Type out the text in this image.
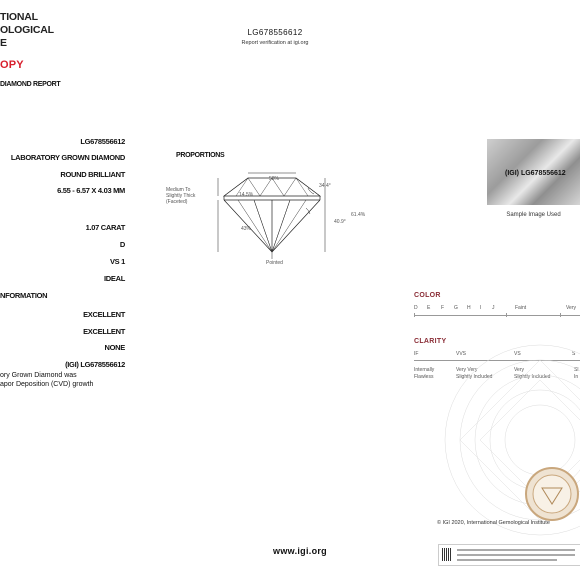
TIONAL
OLOGICAL
E
OPY
DIAMOND REPORT
LG678556612
Report verification at igi.org
LG678556612
LABORATORY GROWN DIAMOND
ROUND BRILLIANT
6.55 - 6.57 X 4.03 MM
1.07 CARAT
D
VS 1
IDEAL
NFORMATION
EXCELLENT
EXCELLENT
NONE
(IGI) LG678556612
ory Grown Diamond was
apor Deposition (CVD) growth
PROPORTIONS
58%
34.4°
14.5%
40.9°
43%
61.4%
Medium To Slightly Thick (Faceted)
Pointed
(IGI) LG678556612
Sample Image Used
COLOR
D E F G H I J	Faint	Very
CLARITY
IF	VVS	VS	S
Internally
Flawless
Very Very
Slightly Included
Very
Slightly Included
Sl
In
© IGI 2020, International Gemological Institute
www.igi.org
